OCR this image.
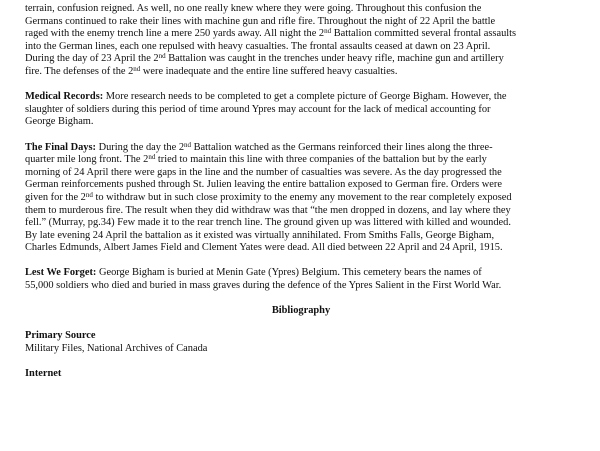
terrain, confusion reigned. As well, no one really knew where they were going. Throughout this confusion the

Germans continued to rake their lines with machine gun and rifle fire. Throughout the night of 22 April the battle

raged with the enemy trench line a mere 250 yards away. All night the 2nd Battalion committed several frontal assaults

into the German lines, each one repulsed with heavy casualties. The frontal assaults ceased at dawn on 23 April.

During the day of 23 April the 2nd Battalion was caught in the trenches under heavy rifle, machine gun and artillery

fire. The defenses of the 2nd were inadequate and the entire line suffered heavy casualties.

Medical Records: More research needs to be completed to get a complete picture of George Bigham. However, the

slaughter of soldiers during this period of time around Ypres may account for the lack of medical accounting for

George Bigham.

The Final Days: During the day the 2nd Battalion watched as the Germans reinforced their lines along the three-

quarter mile long front. The 2nd tried to maintain this line with three companies of the battalion but by the early

morning of 24 April there were gaps in the line and the number of casualties was severe. As the day progressed the

German reinforcements pushed through St. Julien leaving the entire battalion exposed to German fire. Orders were

given for the 2nd to withdraw but in such close proximity to the enemy any movement to the rear completely exposed

them to murderous fire. The result when they did withdraw was that “the men dropped in dozens, and lay where they

fell.” (Murray, pg.34) Few made it to the rear trench line. The ground given up was littered with killed and wounded.

By late evening 24 April the battalion as it existed was virtually annihilated. From Smiths Falls, George Bigham,

Charles Edmunds, Albert James Field and Clement Yates were dead. All died between 22 April and 24 April, 1915.

Lest We Forget: George Bigham is buried at Menin Gate (Ypres) Belgium. This cemetery bears the names of

55,000 soldiers who died and buried in mass graves during the defence of the Ypres Salient in the First World War.

Bibliography

Primary Source

Military Files, National Archives of Canada

Internet
